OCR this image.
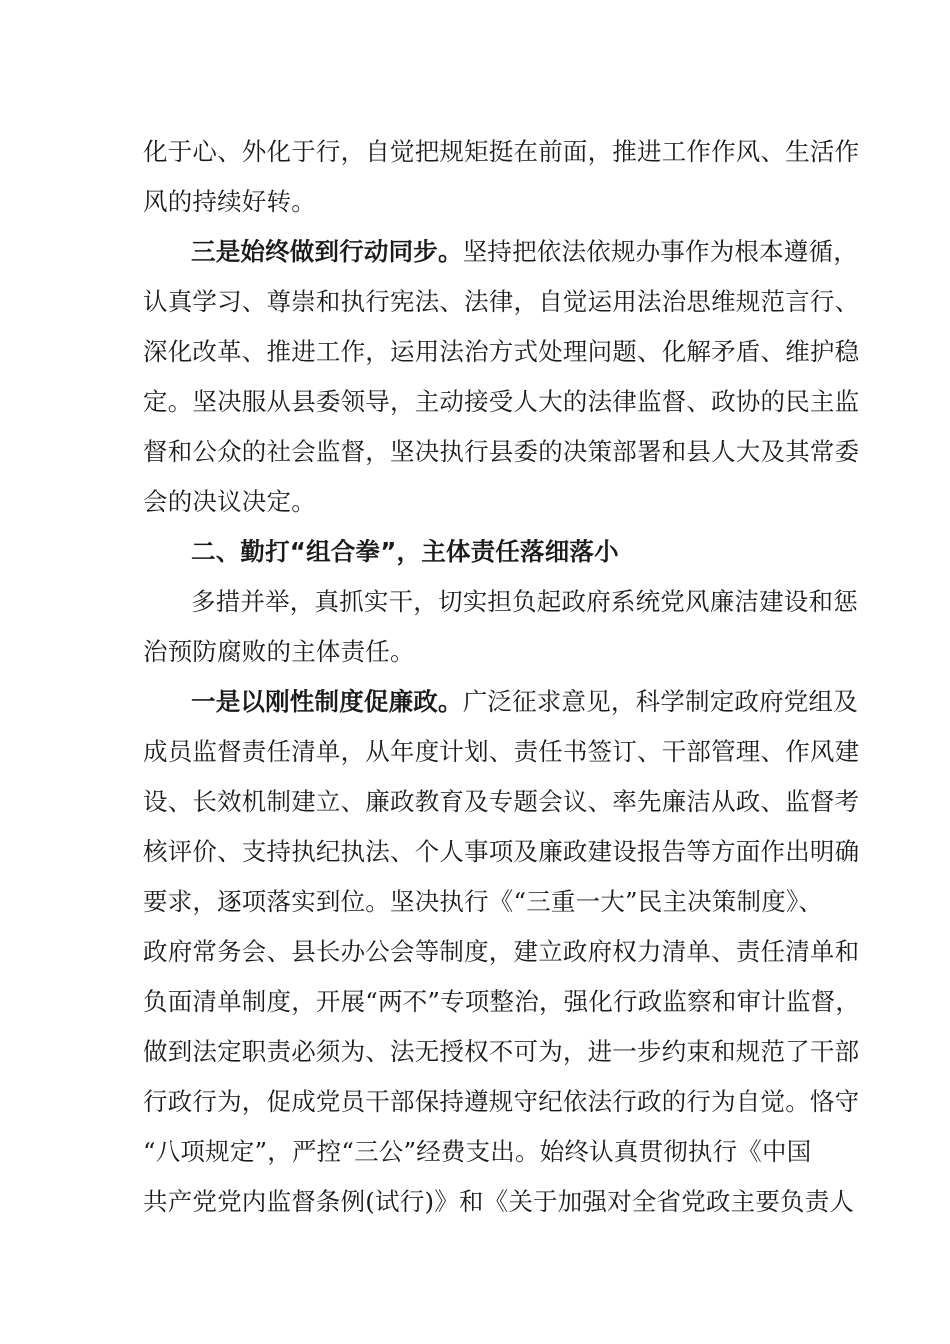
化于心、外化于行，自觉把规矩挺在前面，推进工作作风、生活作
风的持续好转。
三是始终做到行动同步。坚持把依法依规办事作为根本遵循，
认真学习、尊崇和执行宪法、法律，自觉运用法治思维规范言行、
深化改革、推进工作，运用法治方式处理问题、化解矛盾、维护稳
定。坚决服从县委领导，主动接受人大的法律监督、政协的民主监
督和公众的社会监督，坚决执行县委的决策部署和县人大及其常委
会的决议决定。
二、勤打“组合拳”，主体责任落细落小
多措并举，真抓实干，切实担负起政府系统党风廉洁建设和惩
治预防腐败的主体责任。
一是以刚性制度促廉政。广泛征求意见，科学制定政府党组及
成员监督责任清单，从年度计划、责任书签订、干部管理、作风建
设、长效机制建立、廉政教育及专题会议、率先廉洁从政、监督考
核评价、支持执纪执法、个人事项及廉政建设报告等方面作出明确
要求，逐项落实到位。坚决执行《“三重一大”民主决策制度》、
政府常务会、县长办公会等制度，建立政府权力清单、责任清单和
负面清单制度，开展“两不”专项整治，强化行政监察和审计监督，
做到法定职责必须为、法无授权不可为，进一步约束和规范了干部
行政行为，促成党员干部保持遵规守纪依法行政的行为自觉。恪守
“八项规定”，严控“三公”经费支出。始终认真贯彻执行《中国
共产党党内监督条例(试行)》和《关于加强对全省党政主要负责人
